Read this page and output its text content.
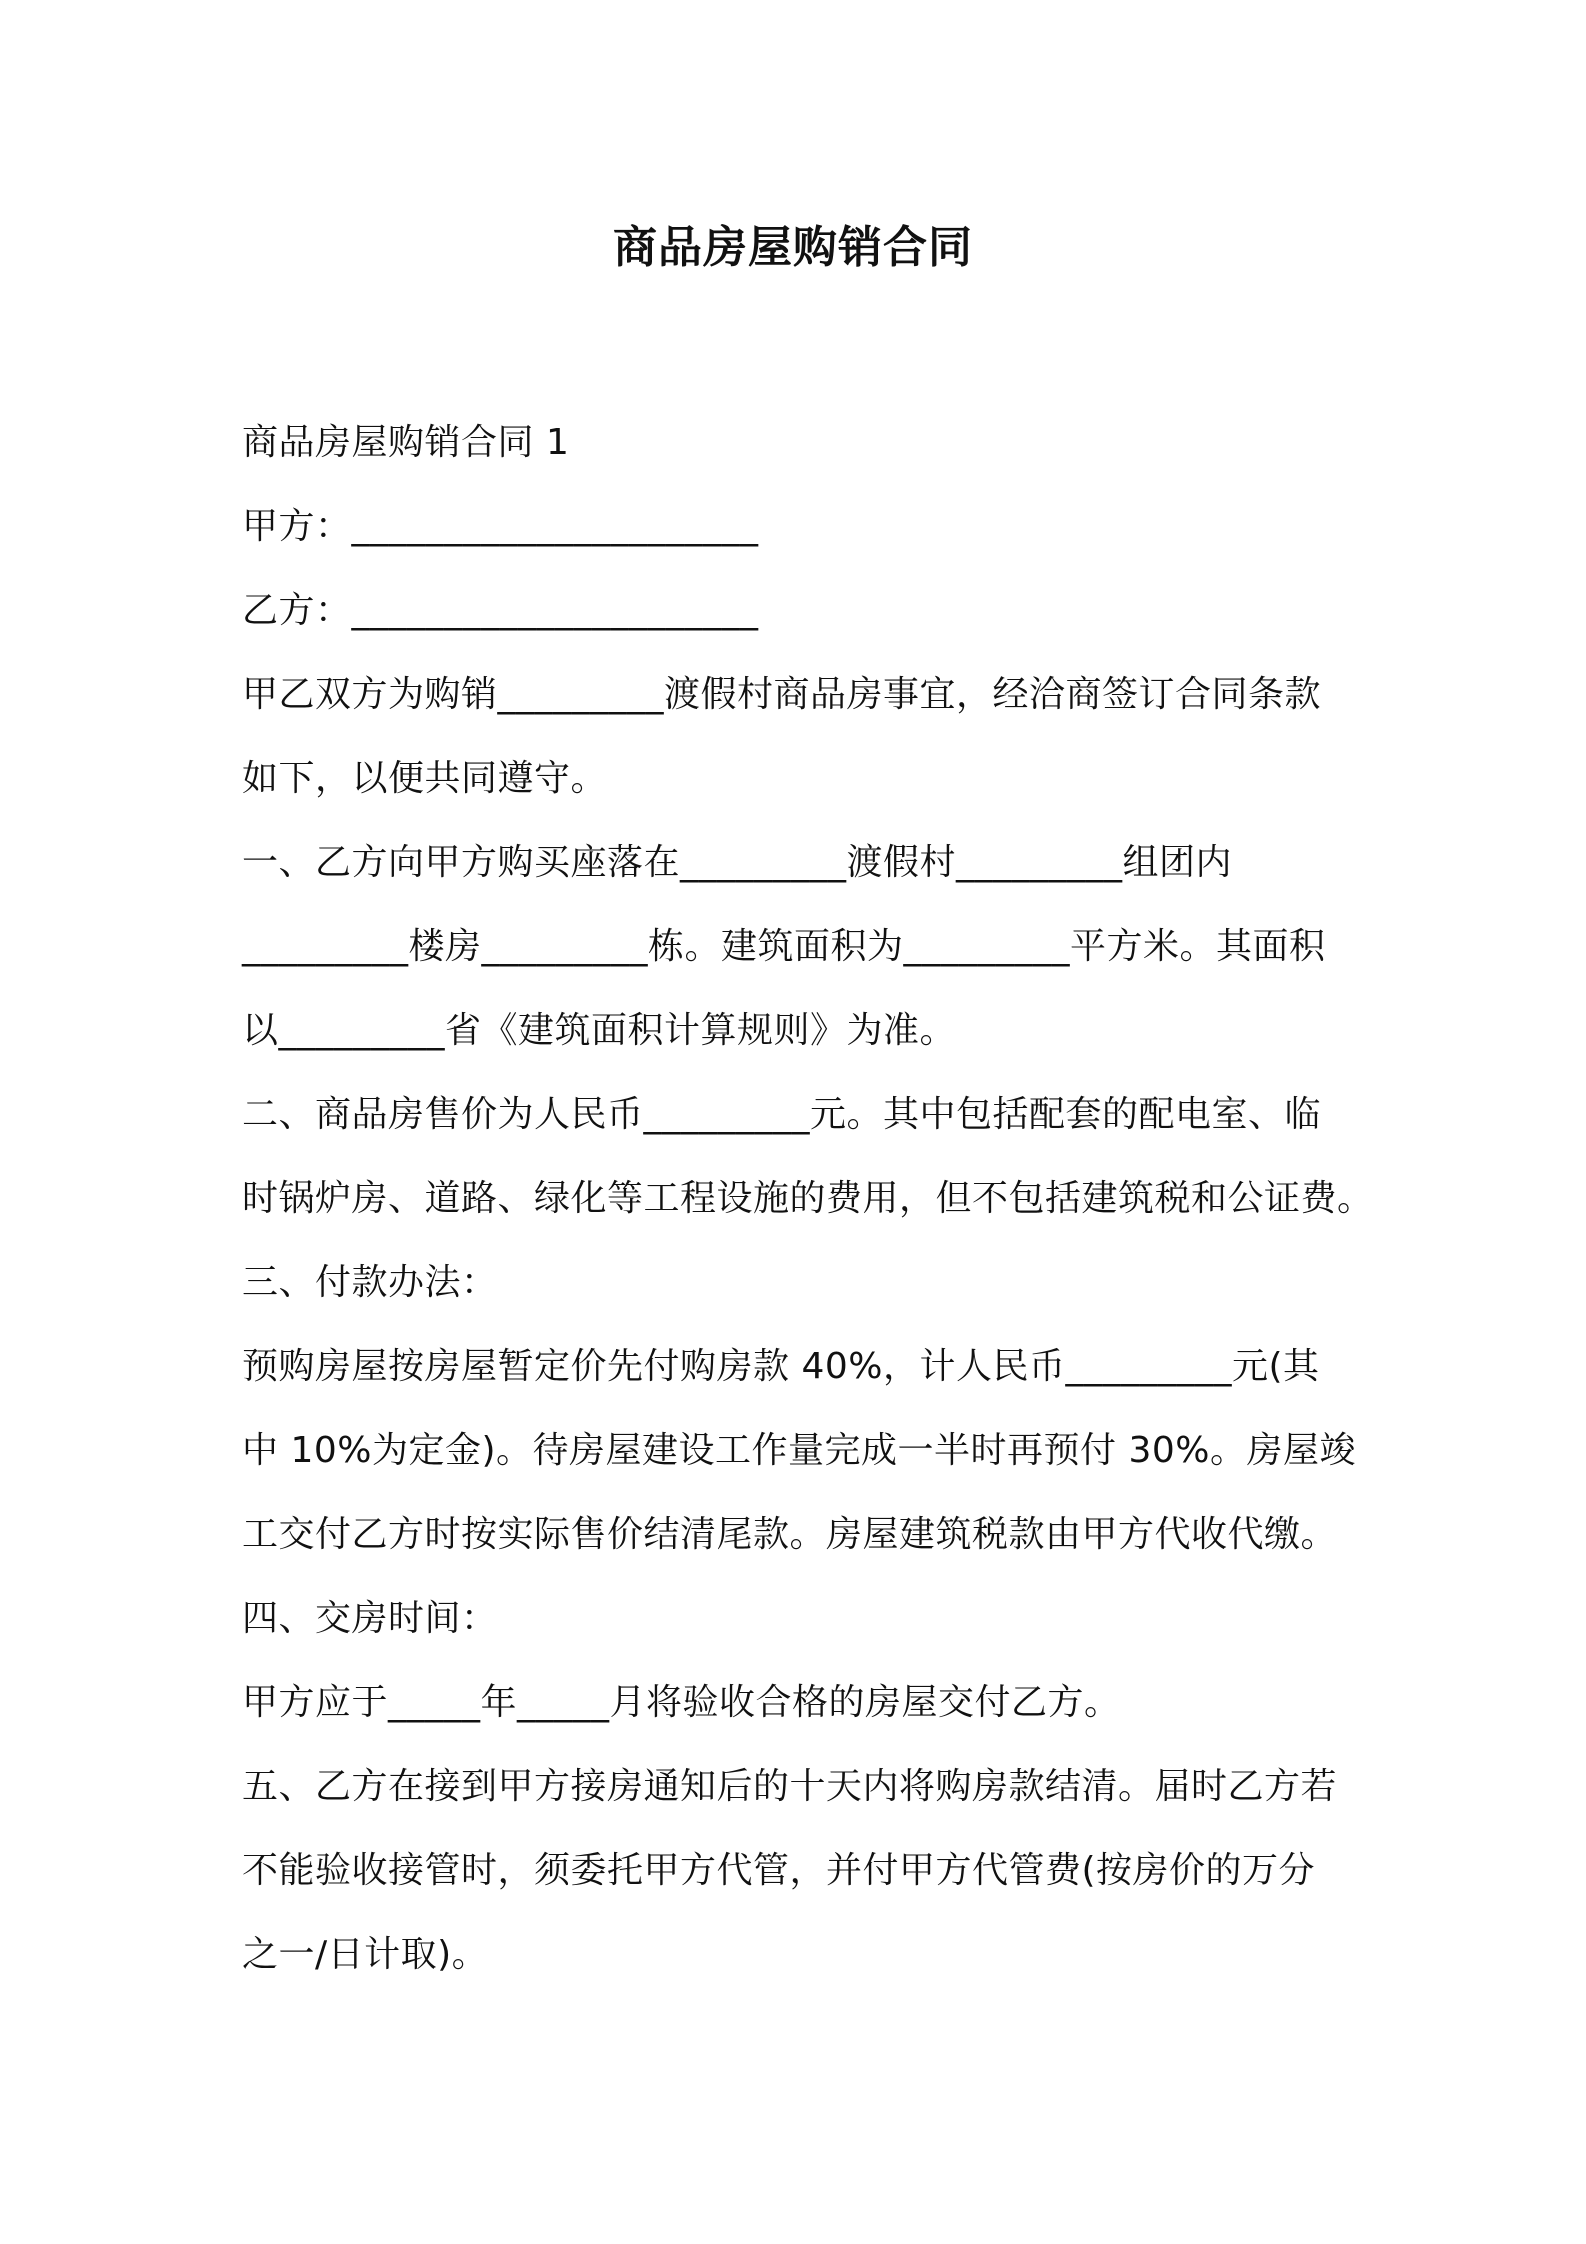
商品房屋购销合同
商品房屋购销合同 1
甲方：______________________
乙方：______________________
甲乙双方为购销_________渡假村商品房事宜，经洽商签订合同条款
如下，以便共同遵守。
一、乙方向甲方购买座落在_________渡假村_________组团内
_________楼房_________栋。建筑面积为_________平方米。其面积
以_________省《建筑面积计算规则》为准。
二、商品房售价为人民币_________元。其中包括配套的配电室、临
时锅炉房、道路、绿化等工程设施的费用，但不包括建筑税和公证费。
三、付款办法：
预购房屋按房屋暂定价先付购房款 40%，计人民币_________元(其
中 10%为定金)。待房屋建设工作量完成一半时再预付 30%。房屋竣
工交付乙方时按实际售价结清尾款。房屋建筑税款由甲方代收代缴。
四、交房时间：
甲方应于_____年_____月将验收合格的房屋交付乙方。
五、乙方在接到甲方接房通知后的十天内将购房款结清。届时乙方若
不能验收接管时，须委托甲方代管，并付甲方代管费(按房价的万分
之一/日计取)。
